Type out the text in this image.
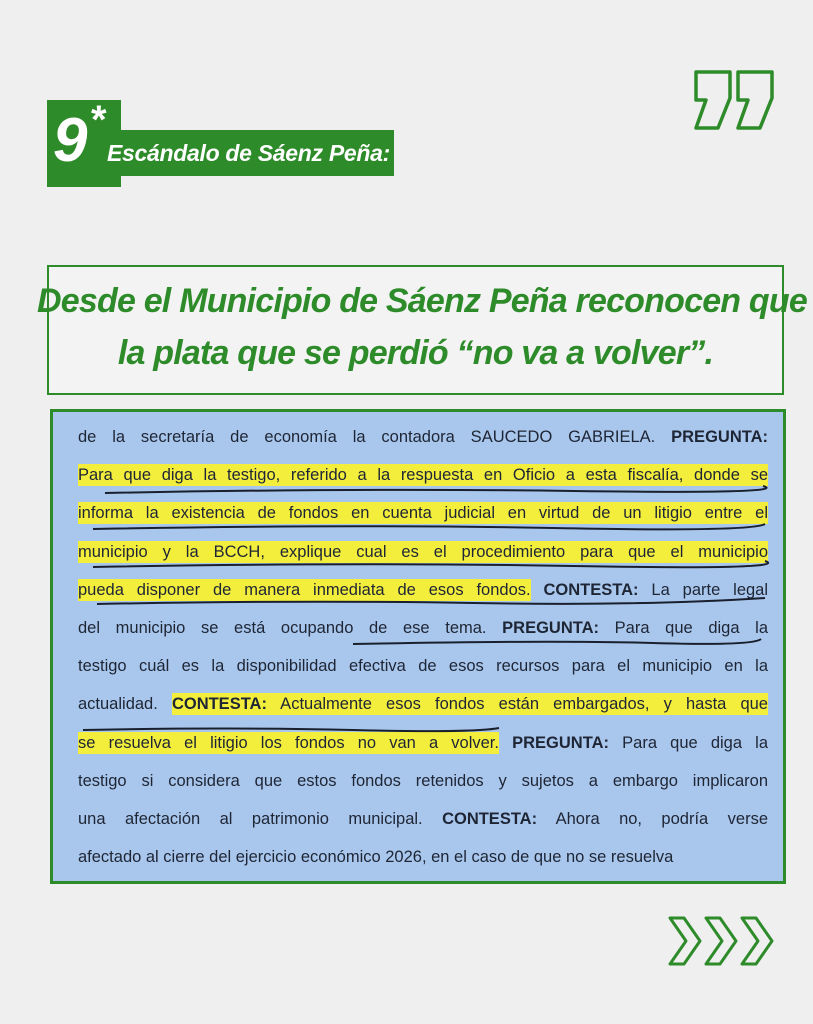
9 *
Escándalo de Sáenz Peña:
Desde el Municipio de Sáenz Peña reconocen que
la plata que se perdió “no va a volver”.
de la secretaría de economía la contadora SAUCEDO GABRIELA. PREGUNTA:
Para que diga la testigo, referido a la respuesta en Oficio a esta fiscalía, donde se
informa la existencia de fondos en cuenta judicial en virtud de un litigio entre el
municipio y la BCCH, explique cual es el procedimiento para que el municipio
pueda disponer de manera inmediata de esos fondos. CONTESTA: La parte legal
del municipio se está ocupando de ese tema. PREGUNTA: Para que diga la
testigo cuál es la disponibilidad efectiva de esos recursos para el municipio en la
actualidad. CONTESTA: Actualmente esos fondos están embargados, y hasta que
se resuelva el litigio los fondos no van a volver. PREGUNTA: Para que diga la
testigo si considera que estos fondos retenidos y sujetos a embargo implicaron
una afectación al patrimonio municipal. CONTESTA: Ahora no, podría verse
afectado al cierre del ejercicio económico 2026, en el caso de que no se resuelva
